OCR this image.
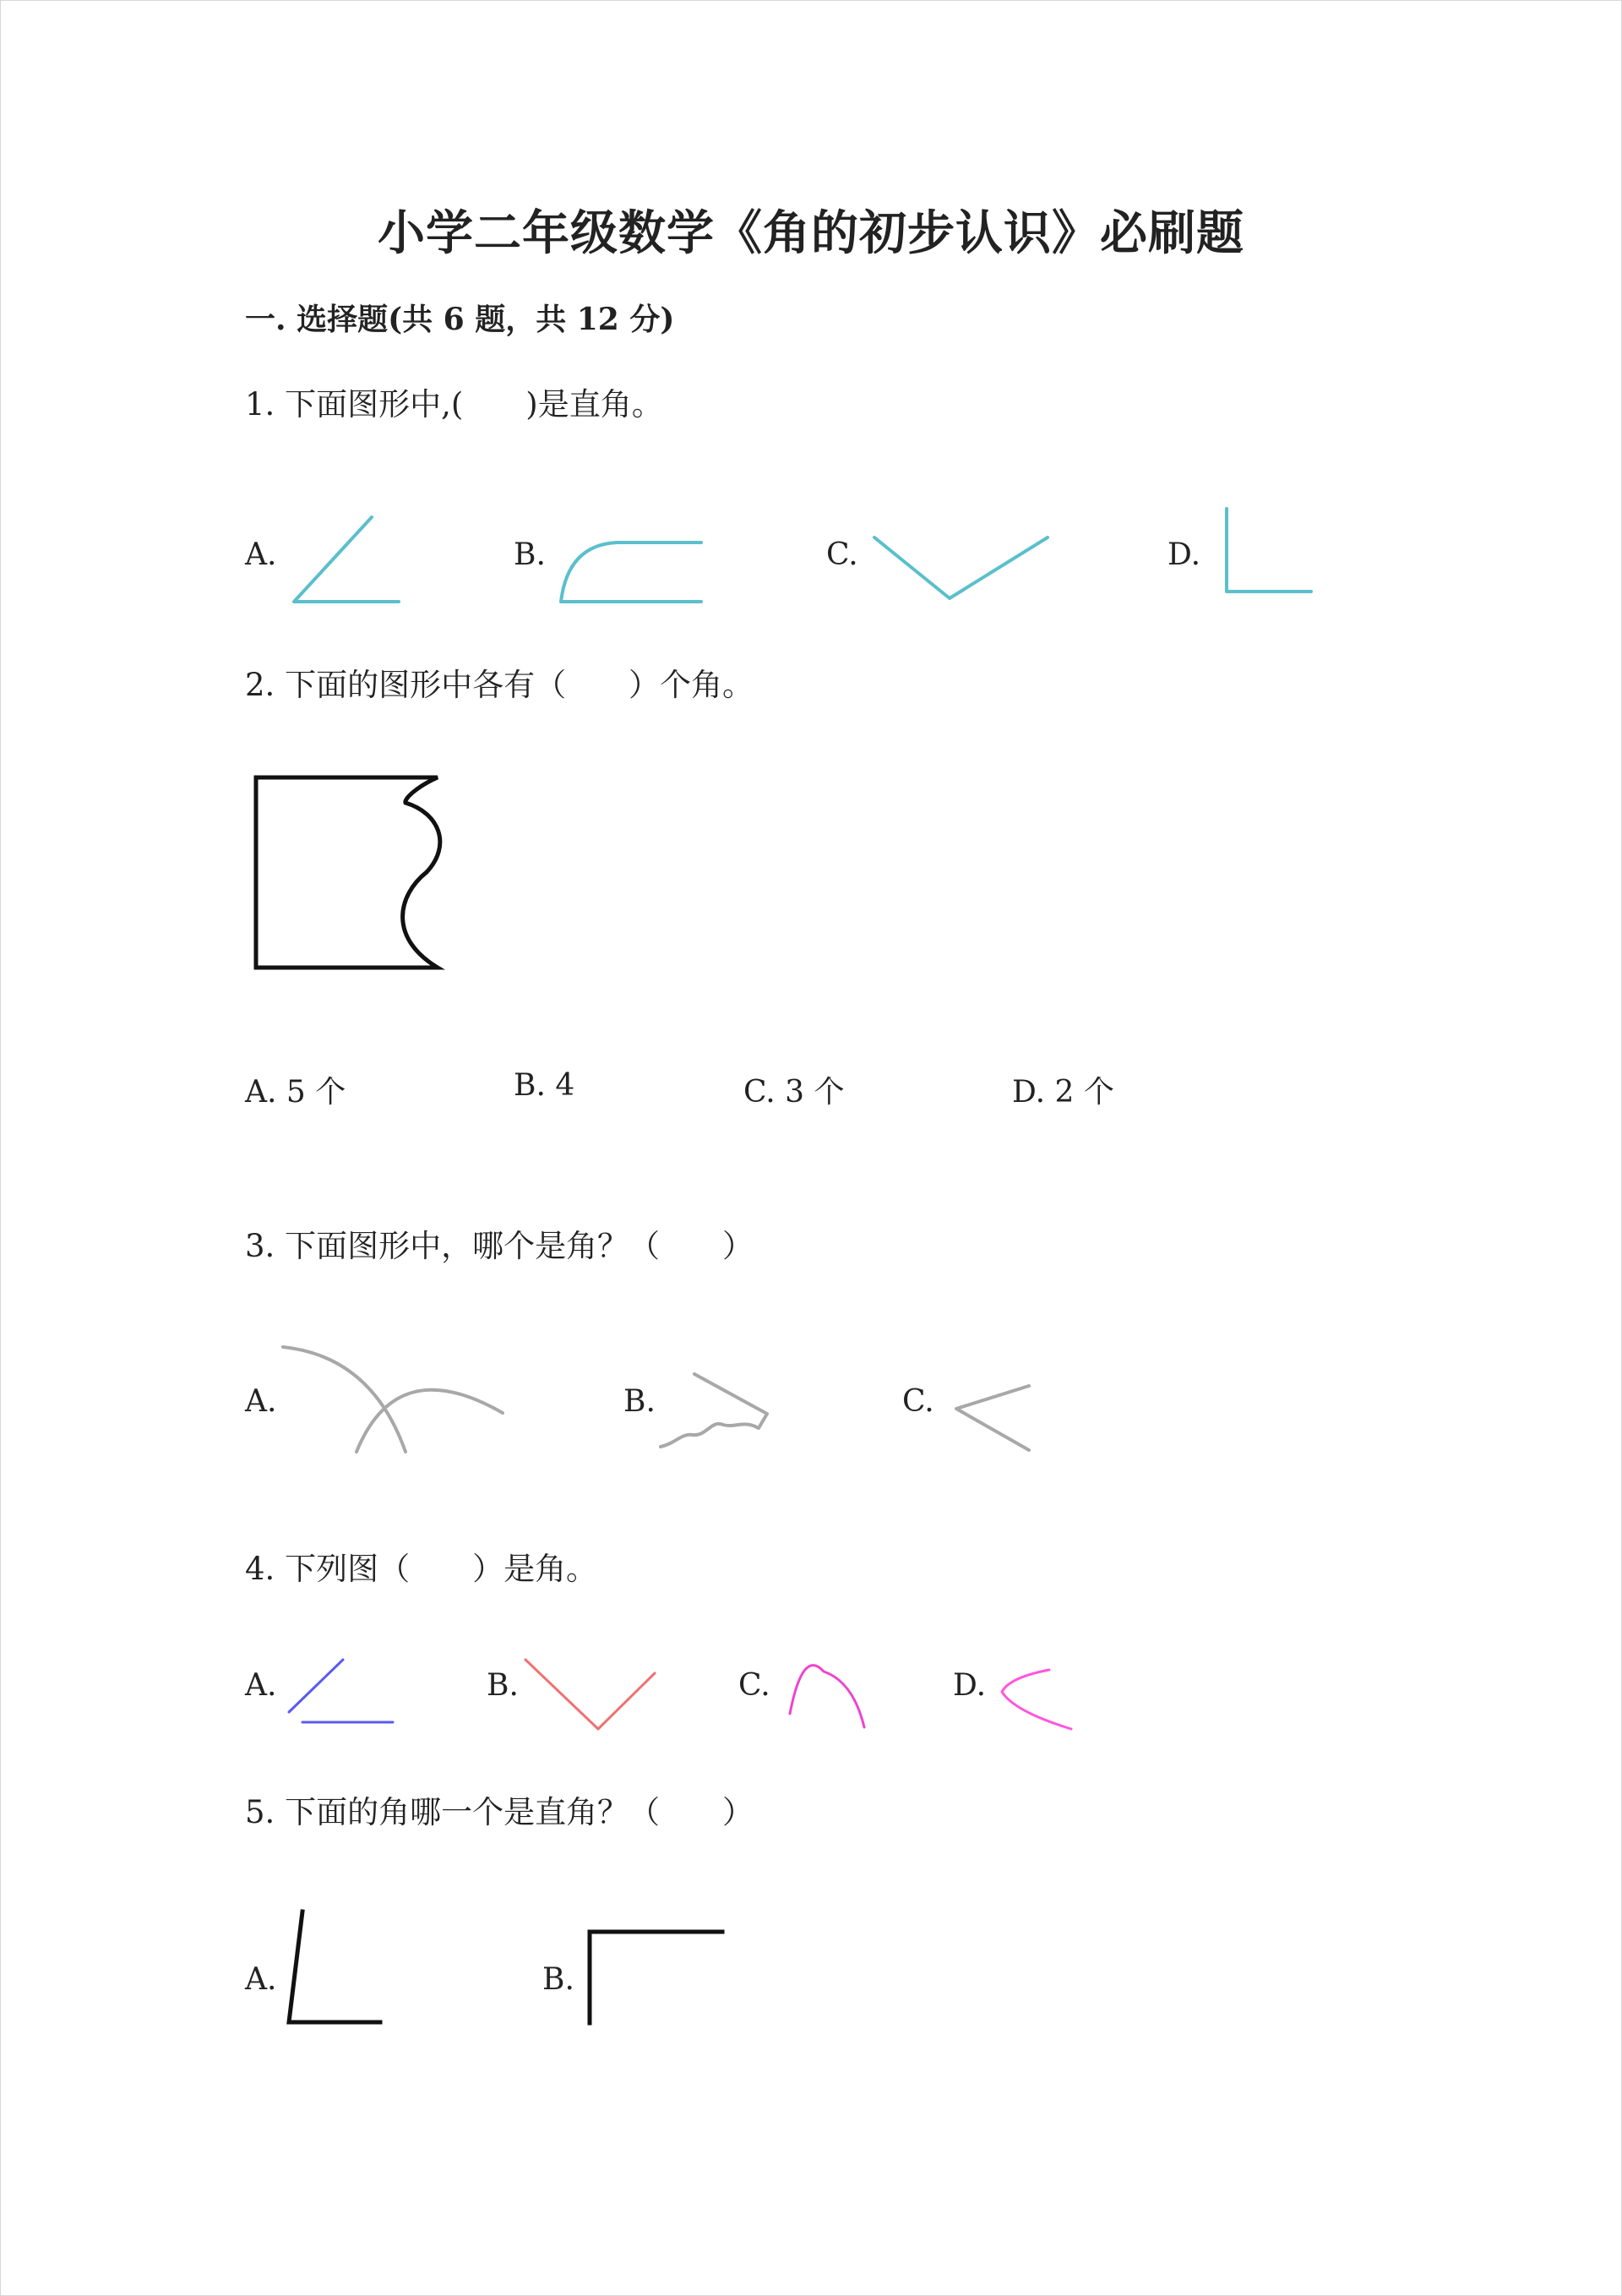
小学二年级数学《角的初步认识》必刷题
一. 选择题(共 6 题，共 12 分)
1. 下面图形中,(　　)是直角。
A.	B.	C.	D.
2. 下面的图形中各有（　　）个角。
A. 5 个	B. 4	C. 3 个	D. 2 个
3. 下面图形中，哪个是角？（　　）
A.	B.	C.
4. 下列图（　　）是角。
A.	B.	C.	D.
5. 下面的角哪一个是直角？（　　）
A.	B.
